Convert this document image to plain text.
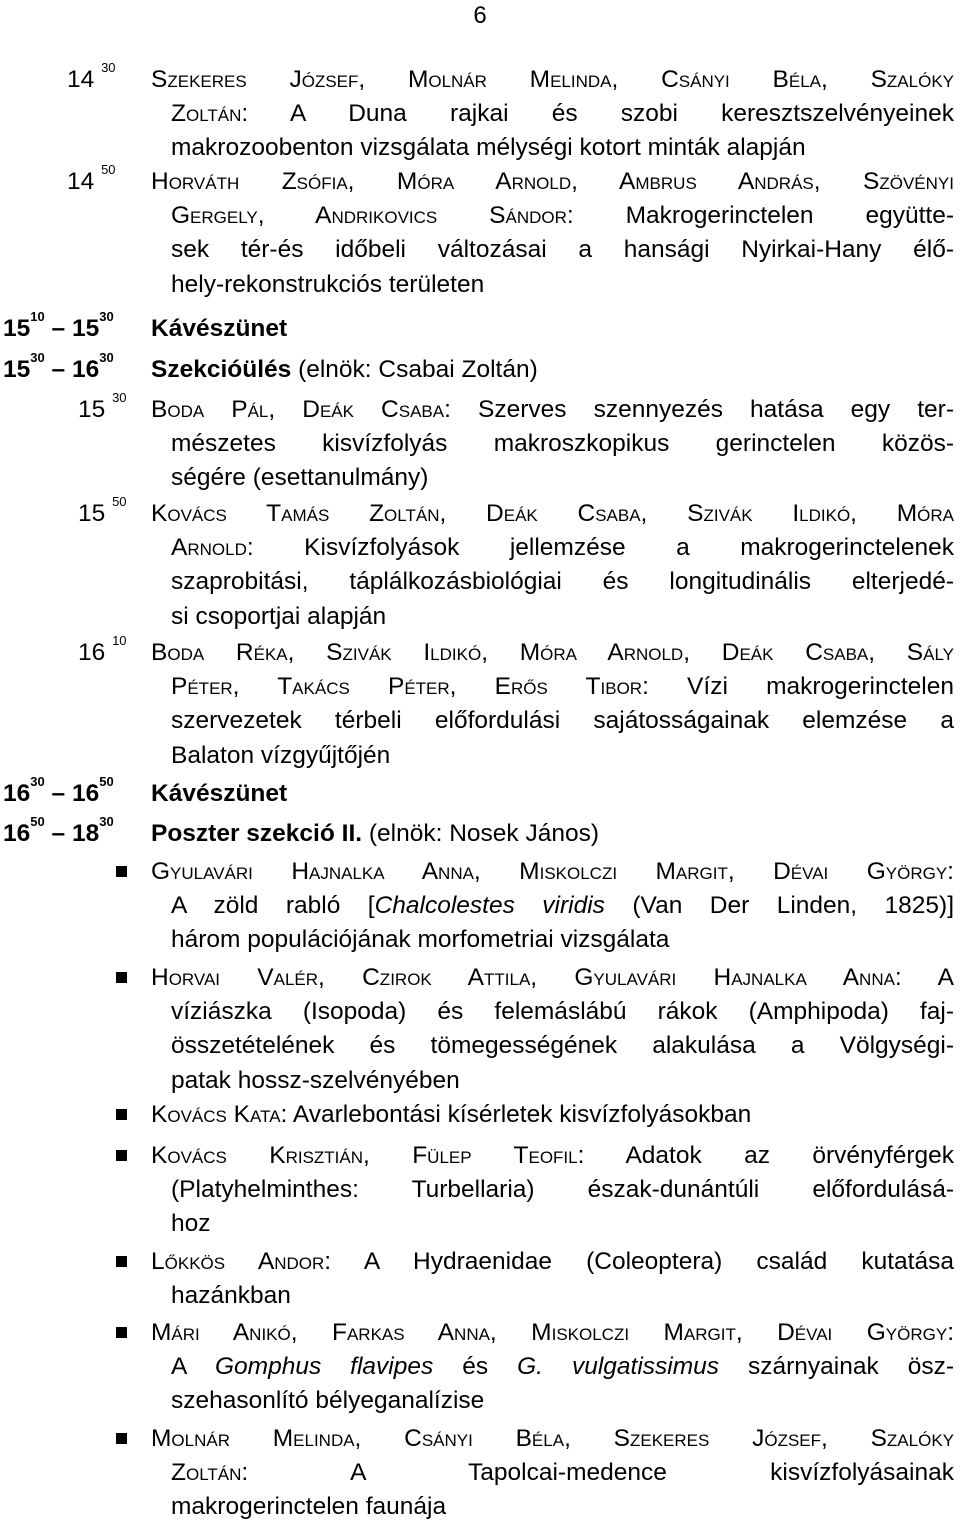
6
14 $^{30}$ Szekeres József, Molnár Melinda, Csányi Béla, Szalóky
Zoltán: A Duna rajkai és szobi keresztszelvényeinek
makrozoobenton vizsgálata mélységi kotort minták alapján
14 $^{50}$ Horváth Zsófia, Móra Arnold, Ambrus András, Szövényi
Gergely, Andrikovics Sándor: Makrogerinctelen együtte-
sek tér-és időbeli változásai a hansági Nyirkai-Hany élő-
hely-rekonstrukciós területen
$15^{10} - 15^{30}$ Kávészünet
$15^{30} - 16^{30}$ Szekcióülés (elnök: Csabai Zoltán)
15 $^{30}$ Boda Pál, Deák Csaba: Szerves szennyezés hatása egy ter-
mészetes kisvízfolyás makroszkopikus gerinctelen közös-
ségére (esettanulmány)
15 $^{50}$ Kovács Tamás Zoltán, Deák Csaba, Szivák Ildikó, Móra
Arnold: Kisvízfolyások jellemzése a makrogerinctelenek
szaprobitási, táplálkozásbiológiai és longitudinális elterjedé-
si csoportjai alapján
16 $^{10}$ Boda Réka, Szivák Ildikó, Móra Arnold, Deák Csaba, Sály
Péter, Takács Péter, Erős Tibor: Vízi makrogerinctelen
szervezetek térbeli előfordulási sajátosságainak elemzése a
Balaton vízgyűjtőjén
$16^{30} - 16^{50}$ Kávészünet
$16^{50} - 18^{30}$ Poszter szekció II. (elnök: Nosek János)
Gyulavári Hajnalka Anna, Miskolczi Margit, Dévai György:
A zöld rabló [Chalcolestes viridis (Van Der Linden, 1825)]
három populációjának morfometriai vizsgálata
Horvai Valér, Czirok Attila, Gyulavári Hajnalka Anna: A
víziászka (Isopoda) és felemáslábú rákok (Amphipoda) faj-
összetételének és tömegességének alakulása a Völgységi-
patak hossz-szelvényében
Kovács Kata: Avarlebontási kísérletek kisvízfolyásokban
Kovács Krisztián, Fülep Teofil: Adatok az örvényférgek
(Platyhelminthes: Turbellaria) észak-dunántúli előfordulásá-
hoz
Lőkkös Andor: A Hydraenidae (Coleoptera) család kutatása
hazánkban
Mári Anikó, Farkas Anna, Miskolczi Margit, Dévai György:
A Gomphus flavipes és G. vulgatissimus szárnyainak ösz-
szehasonlító bélyeganalízise
Molnár Melinda, Csányi Béla, Szekeres József, Szalóky
Zoltán: A Tapolcai-medence kisvízfolyásainak
makrogerinctelen faunája
